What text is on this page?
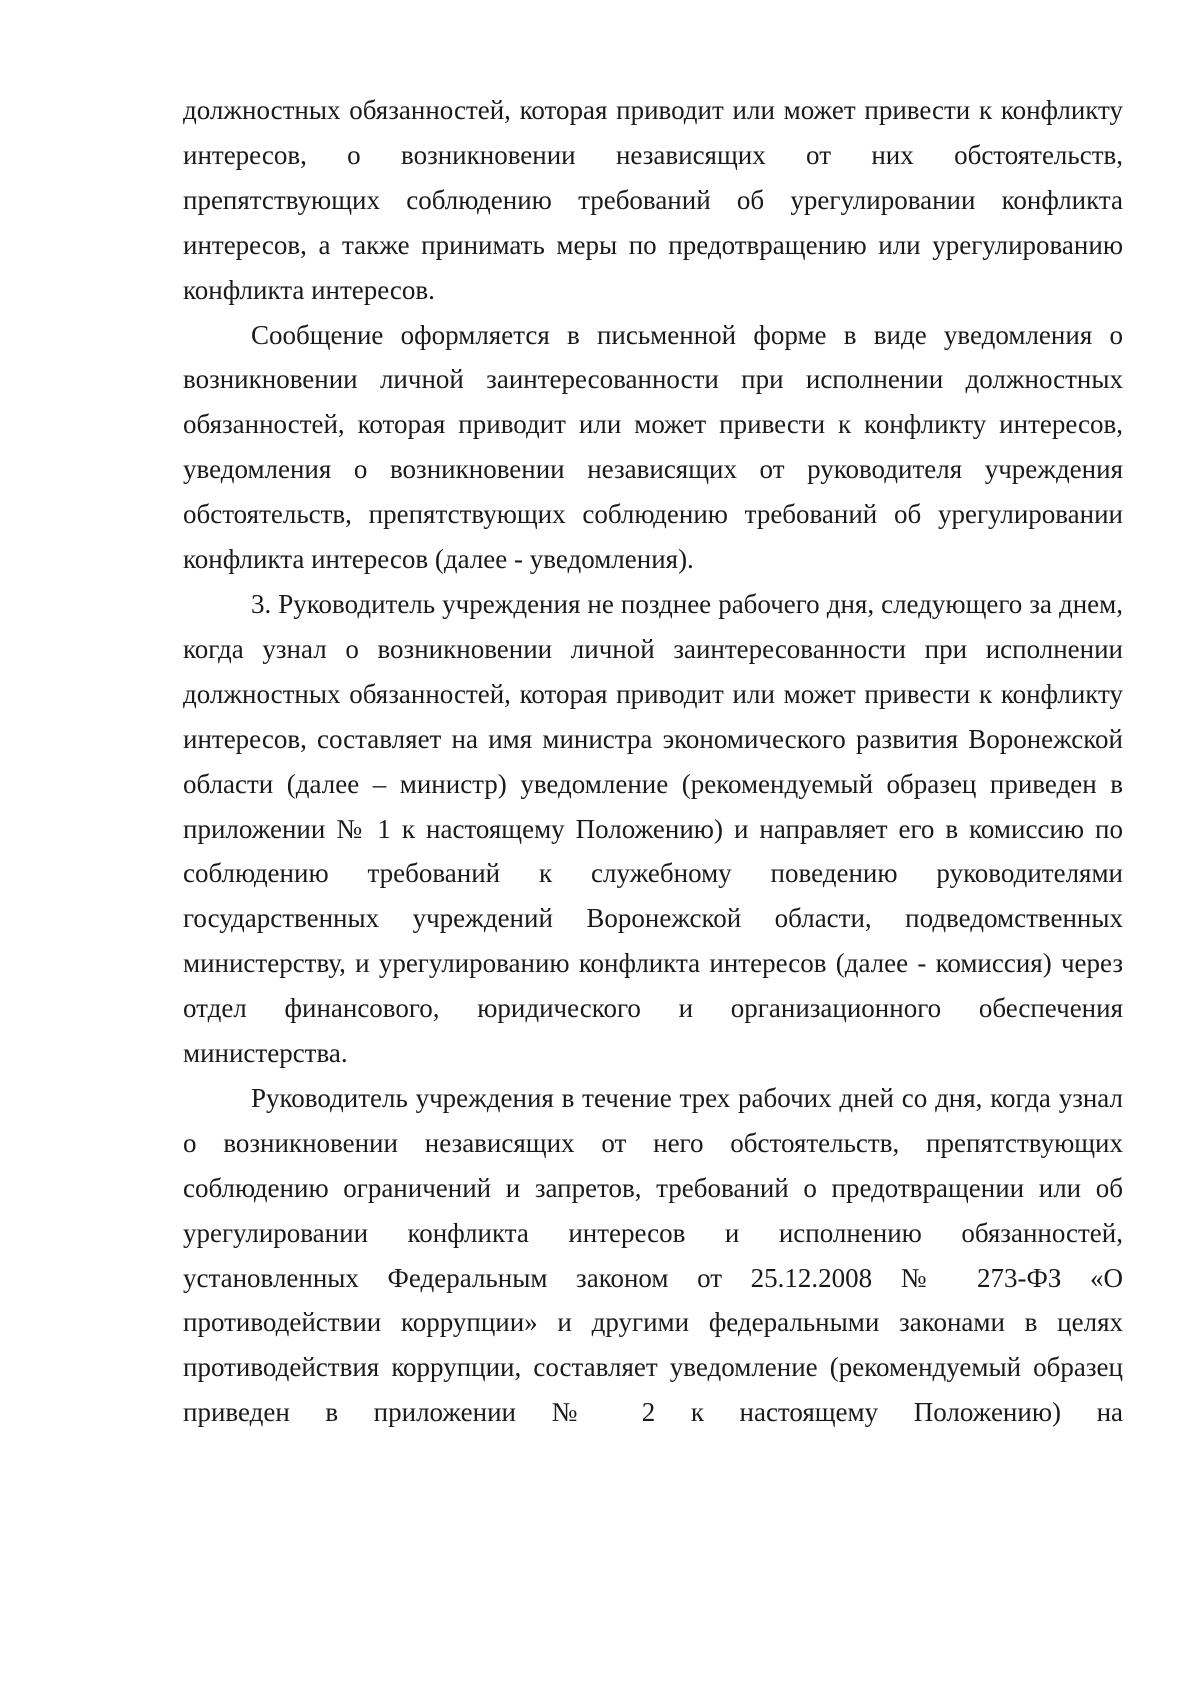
должностных обязанностей, которая приводит или может привести к конфликту интересов, о возникновении независящих от них обстоятельств, препятствующих соблюдению требований об урегулировании конфликта интересов, а также принимать меры по предотвращению или урегулированию конфликта интересов.

Сообщение оформляется в письменной форме в виде уведомления о возникновении личной заинтересованности при исполнении должностных обязанностей, которая приводит или может привести к конфликту интересов, уведомления о возникновении независящих от руководителя учреждения обстоятельств, препятствующих соблюдению требований об урегулировании конфликта интересов (далее - уведомления).

3. Руководитель учреждения не позднее рабочего дня, следующего за днем, когда узнал о возникновении личной заинтересованности при исполнении должностных обязанностей, которая приводит или может привести к конфликту интересов, составляет на имя министра экономического развития Воронежской области (далее – министр) уведомление (рекомендуемый образец приведен в приложении № 1 к настоящему Положению) и направляет его в комиссию по соблюдению требований к служебному поведению руководителями государственных учреждений Воронежской области, подведомственных министерству, и урегулированию конфликта интересов (далее - комиссия) через отдел финансового, юридического и организационного обеспечения министерства.

Руководитель учреждения в течение трех рабочих дней со дня, когда узнал о возникновении независящих от него обстоятельств, препятствующих соблюдению ограничений и запретов, требований о предотвращении или об урегулировании конфликта интересов и исполнению обязанностей, установленных Федеральным законом от 25.12.2008 № 273-ФЗ «О противодействии коррупции» и другими федеральными законами в целях противодействия коррупции, составляет уведомление (рекомендуемый образец приведен в приложении № 2 к настоящему Положению) на
